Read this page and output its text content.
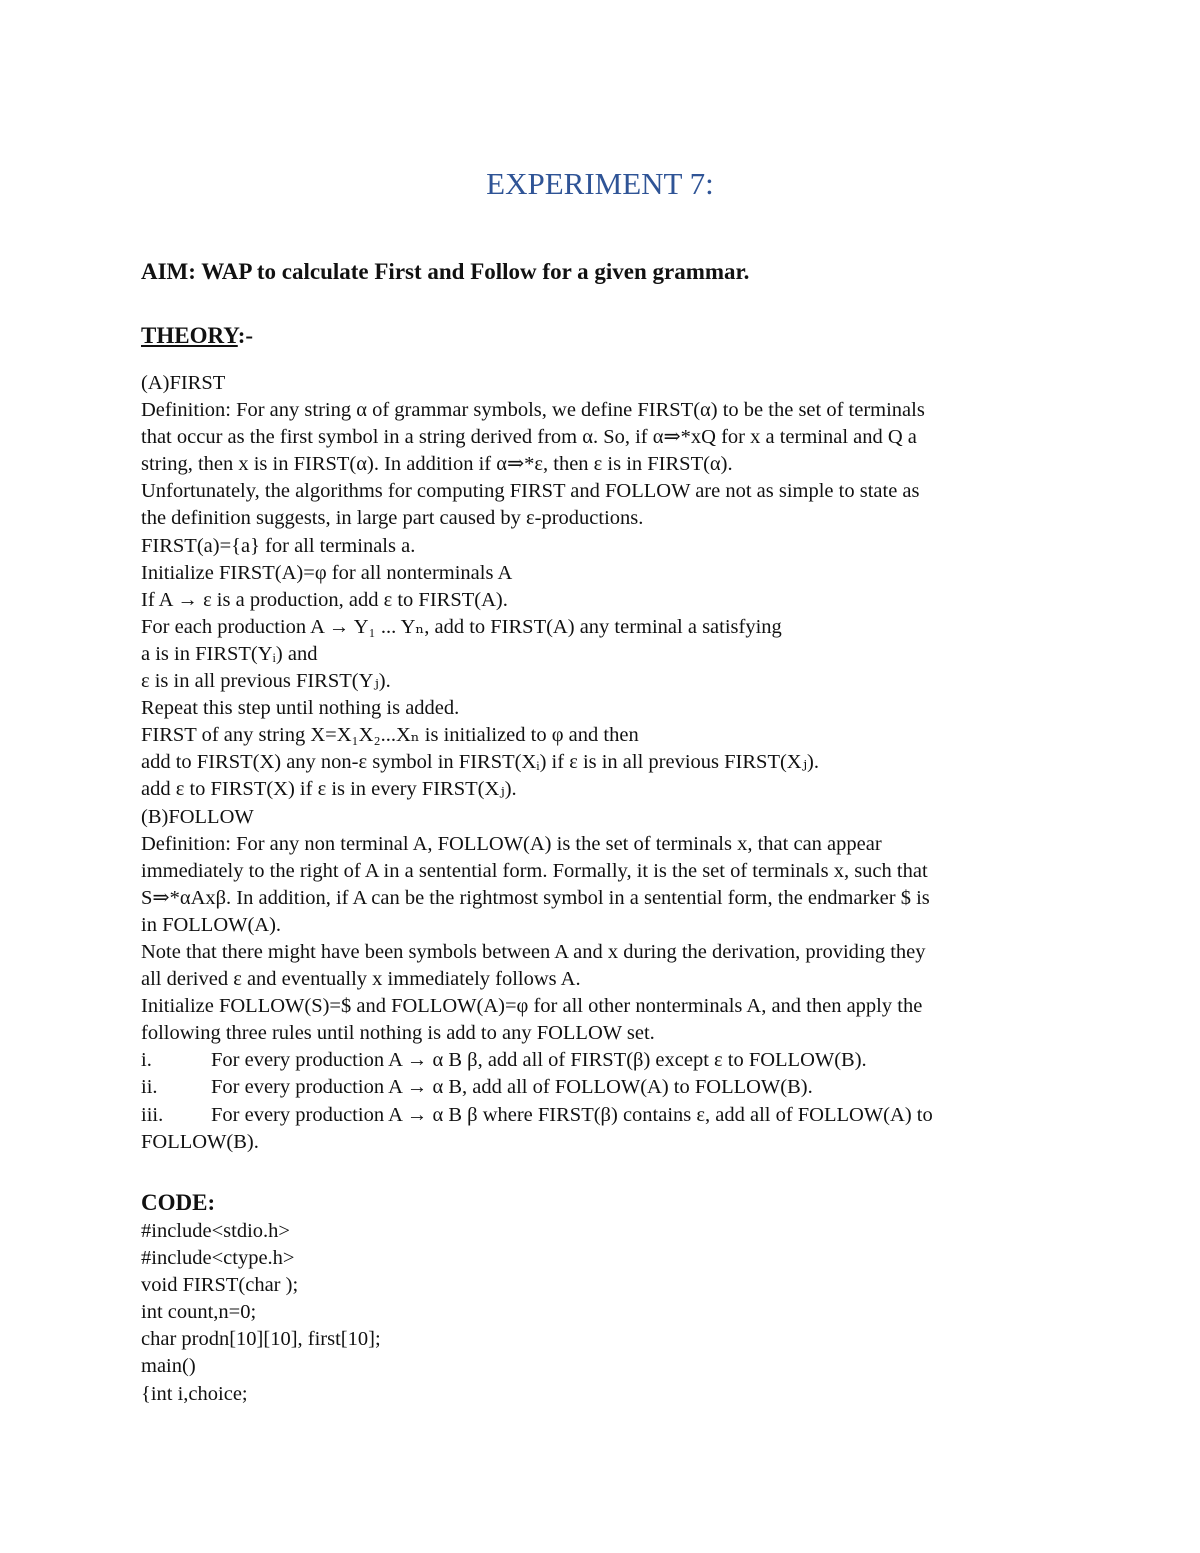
EXPERIMENT 7:
AIM: WAP to calculate First and Follow for a given grammar.
THEORY:-
(A)FIRST
Definition: For any string α of grammar symbols, we define FIRST(α) to be the set of terminals
that occur as the first symbol in a string derived from α. So, if α⇒*xQ for x a terminal and Q a
string, then x is in FIRST(α). In addition if α⇒*ε, then ε is in FIRST(α).
Unfortunately, the algorithms for computing FIRST and FOLLOW are not as simple to state as
the definition suggests, in large part caused by ε-productions.
FIRST(a)={a} for all terminals a.
Initialize FIRST(A)=φ for all nonterminals A
If A → ε is a production, add ε to FIRST(A).
For each production A → Y₁ ... Yₙ, add to FIRST(A) any terminal a satisfying
a is in FIRST(Yᵢ) and
ε is in all previous FIRST(Yⱼ).
Repeat this step until nothing is added.
FIRST of any string X=X₁X₂...Xₙ is initialized to φ and then
add to FIRST(X) any non-ε symbol in FIRST(Xᵢ) if ε is in all previous FIRST(Xⱼ).
add ε to FIRST(X) if ε is in every FIRST(Xⱼ).
(B)FOLLOW
Definition: For any non terminal A, FOLLOW(A) is the set of terminals x, that can appear
immediately to the right of A in a sentential form. Formally, it is the set of terminals x, such that
S⇒*αAxβ. In addition, if A can be the rightmost symbol in a sentential form, the endmarker $ is
in FOLLOW(A).
Note that there might have been symbols between A and x during the derivation, providing they
all derived ε and eventually x immediately follows A.
Initialize FOLLOW(S)=$ and FOLLOW(A)=φ for all other nonterminals A, and then apply the
following three rules until nothing is add to any FOLLOW set.
i.	For every production A → α B β, add all of FIRST(β) except ε to FOLLOW(B).
ii.	For every production A → α B, add all of FOLLOW(A) to FOLLOW(B).
iii. For every production A → α B β where FIRST(β) contains ε, add all of FOLLOW(A) to
FOLLOW(B).
CODE:
#include<stdio.h>
#include<ctype.h>
void FIRST(char );
int count,n=0;
char prodn[10][10], first[10];
main()
{int i,choice;
